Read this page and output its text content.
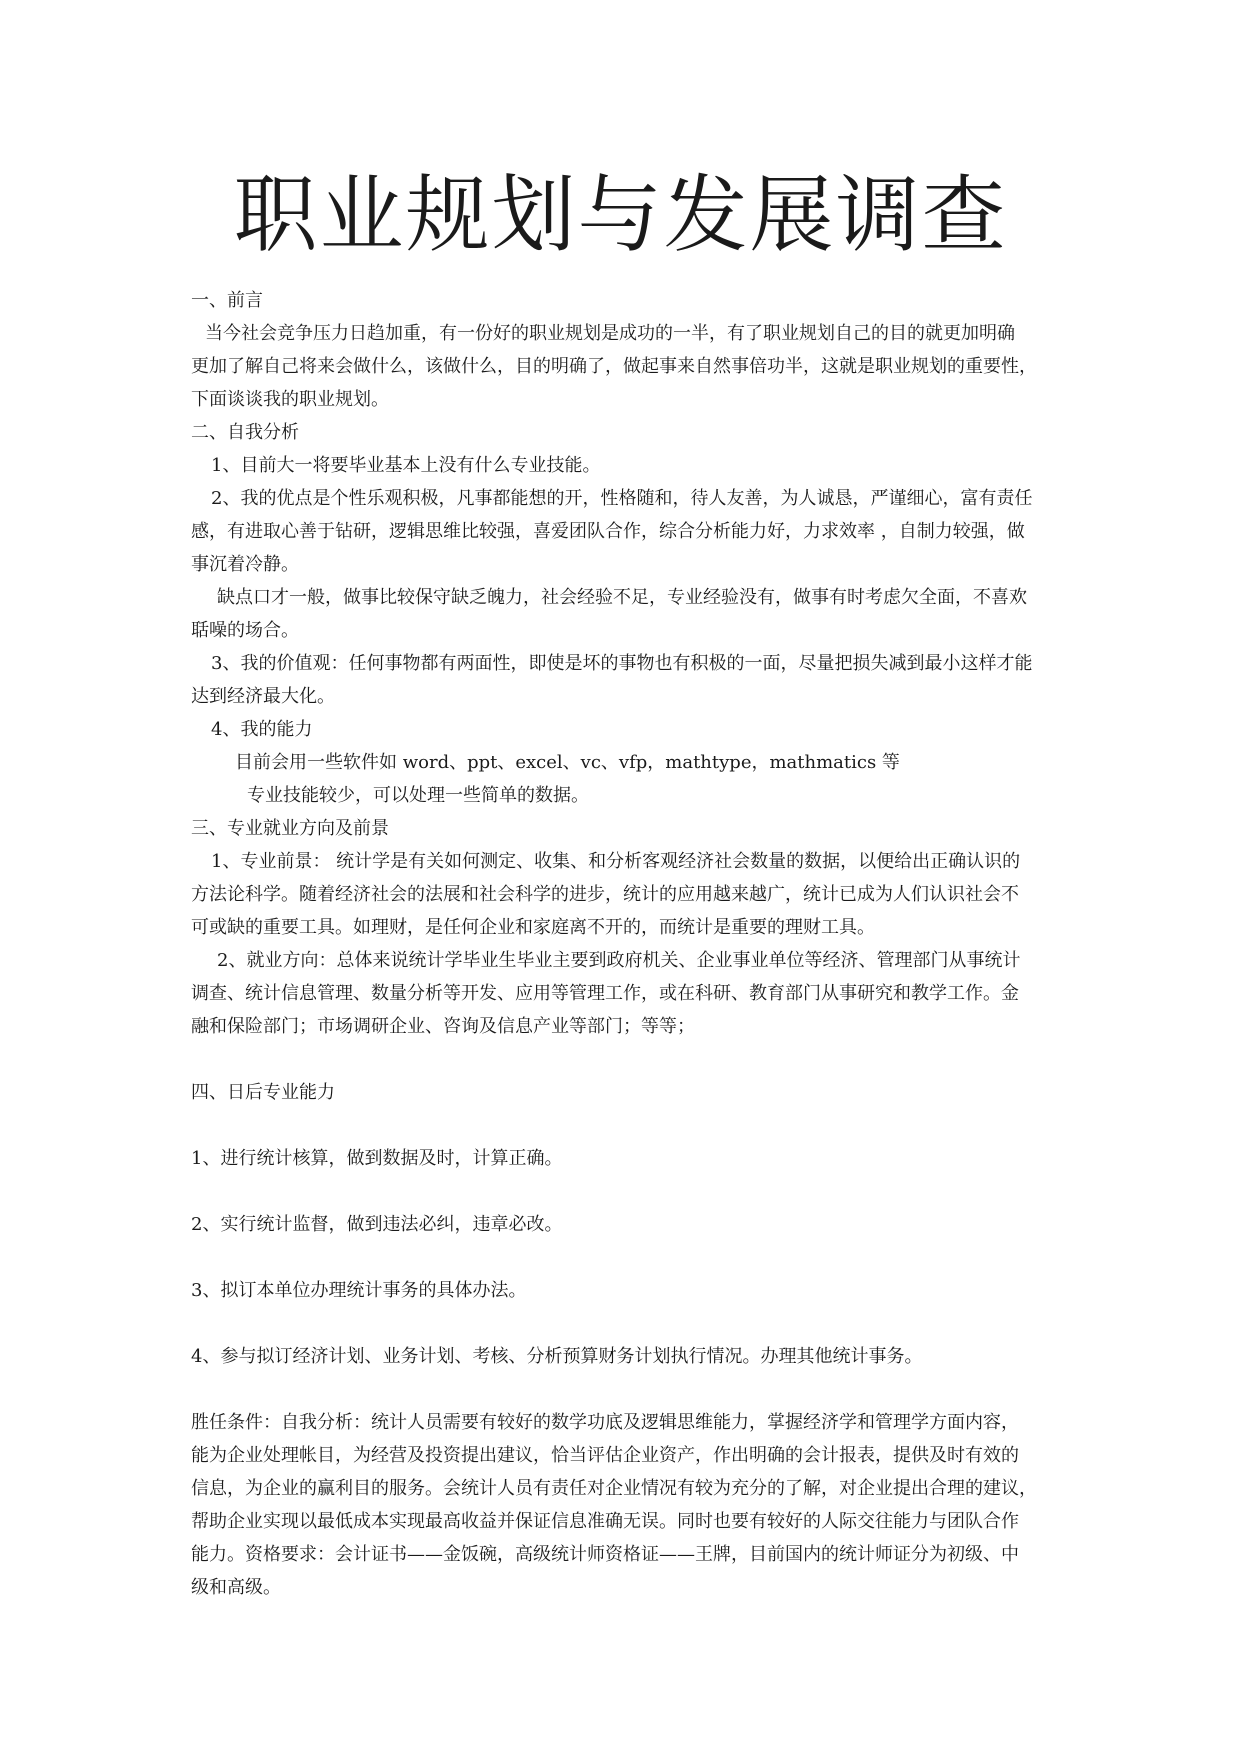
职业规划与发展调查
一、前言
当今社会竞争压力日趋加重，有一份好的职业规划是成功的一半，有了职业规划自己的目的就更加明确
更加了解自己将来会做什么，该做什么，目的明确了，做起事来自然事倍功半，这就是职业规划的重要性，
下面谈谈我的职业规划。
二、自我分析
1、目前大一将要毕业基本上没有什么专业技能。
2、我的优点是个性乐观积极，凡事都能想的开，性格随和，待人友善，为人诚恳，严谨细心，富有责任
感，有进取心善于钻研，逻辑思维比较强，喜爱团队合作，综合分析能力好，力求效率 ，自制力较强，做
事沉着冷静。
缺点口才一般，做事比较保守缺乏魄力，社会经验不足，专业经验没有，做事有时考虑欠全面，不喜欢
聒噪的场合。
3、我的价值观：任何事物都有两面性，即使是坏的事物也有积极的一面，尽量把损失减到最小这样才能
达到经济最大化。
4、我的能力
目前会用一些软件如 word、ppt、excel、vc、vfp，mathtype，mathmatics 等
专业技能较少，可以处理一些简单的数据。
三、专业就业方向及前景
1、专业前景： 统计学是有关如何测定、收集、和分析客观经济社会数量的数据，以便给出正确认识的
方法论科学。随着经济社会的法展和社会科学的进步，统计的应用越来越广，统计已成为人们认识社会不
可或缺的重要工具。如理财，是任何企业和家庭离不开的，而统计是重要的理财工具。
2、就业方向：总体来说统计学毕业生毕业主要到政府机关、企业事业单位等经济、管理部门从事统计
调查、统计信息管理、数量分析等开发、应用等管理工作，或在科研、教育部门从事研究和教学工作。金
融和保险部门；市场调研企业、咨询及信息产业等部门；等等；
四、日后专业能力
1、进行统计核算，做到数据及时，计算正确。
2、实行统计监督，做到违法必纠，违章必改。
3、拟订本单位办理统计事务的具体办法。
4、参与拟订经济计划、业务计划、考核、分析预算财务计划执行情况。办理其他统计事务。
胜任条件：自我分析：统计人员需要有较好的数学功底及逻辑思维能力，掌握经济学和管理学方面内容，
能为企业处理帐目，为经营及投资提出建议，恰当评估企业资产，作出明确的会计报表，提供及时有效的
信息，为企业的赢利目的服务。会统计人员有责任对企业情况有较为充分的了解，对企业提出合理的建议，
帮助企业实现以最低成本实现最高收益并保证信息准确无误。同时也要有较好的人际交往能力与团队合作
能力。资格要求：会计证书——金饭碗，高级统计师资格证——王牌，目前国内的统计师证分为初级、中
级和高级。
